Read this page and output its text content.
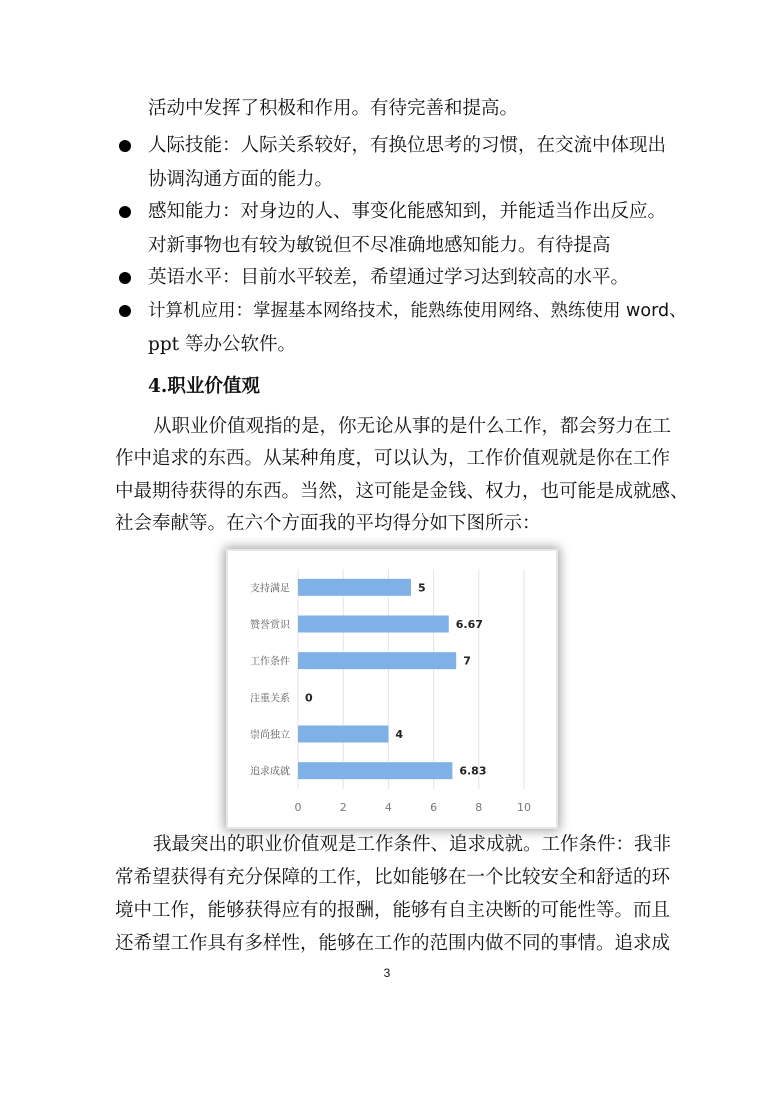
活动中发挥了积极和作用。有待完善和提高。
人际技能：人际关系较好，有换位思考的习惯，在交流中体现出
协调沟通方面的能力。
感知能力：对身边的人、事变化能感知到，并能适当作出反应。
对新事物也有较为敏锐但不尽准确地感知能力。有待提高
英语水平：目前水平较差，希望通过学习达到较高的水平。
计算机应用：掌握基本网络技术，能熟练使用网络、熟练使用 word、
ppt 等办公软件。
4.职业价值观
从职业价值观指的是，你无论从事的是什么工作，都会努力在工
作中追求的东西。从某种角度，可以认为，工作价值观就是你在工作
中最期待获得的东西。当然，这可能是金钱、权力，也可能是成就感、
社会奉献等。在六个方面我的平均得分如下图所示：
0	2	4	6	8	10
支持满足	5
赞誉赏识	6.67
工作条件	7
注重关系 0
崇尚独立	4
追求成就	6.83
我最突出的职业价值观是工作条件、追求成就。工作条件：我非
常希望获得有充分保障的工作，比如能够在一个比较安全和舒适的环
境中工作，能够获得应有的报酬，能够有自主决断的可能性等。而且
还希望工作具有多样性，能够在工作的范围内做不同的事情。追求成
3
